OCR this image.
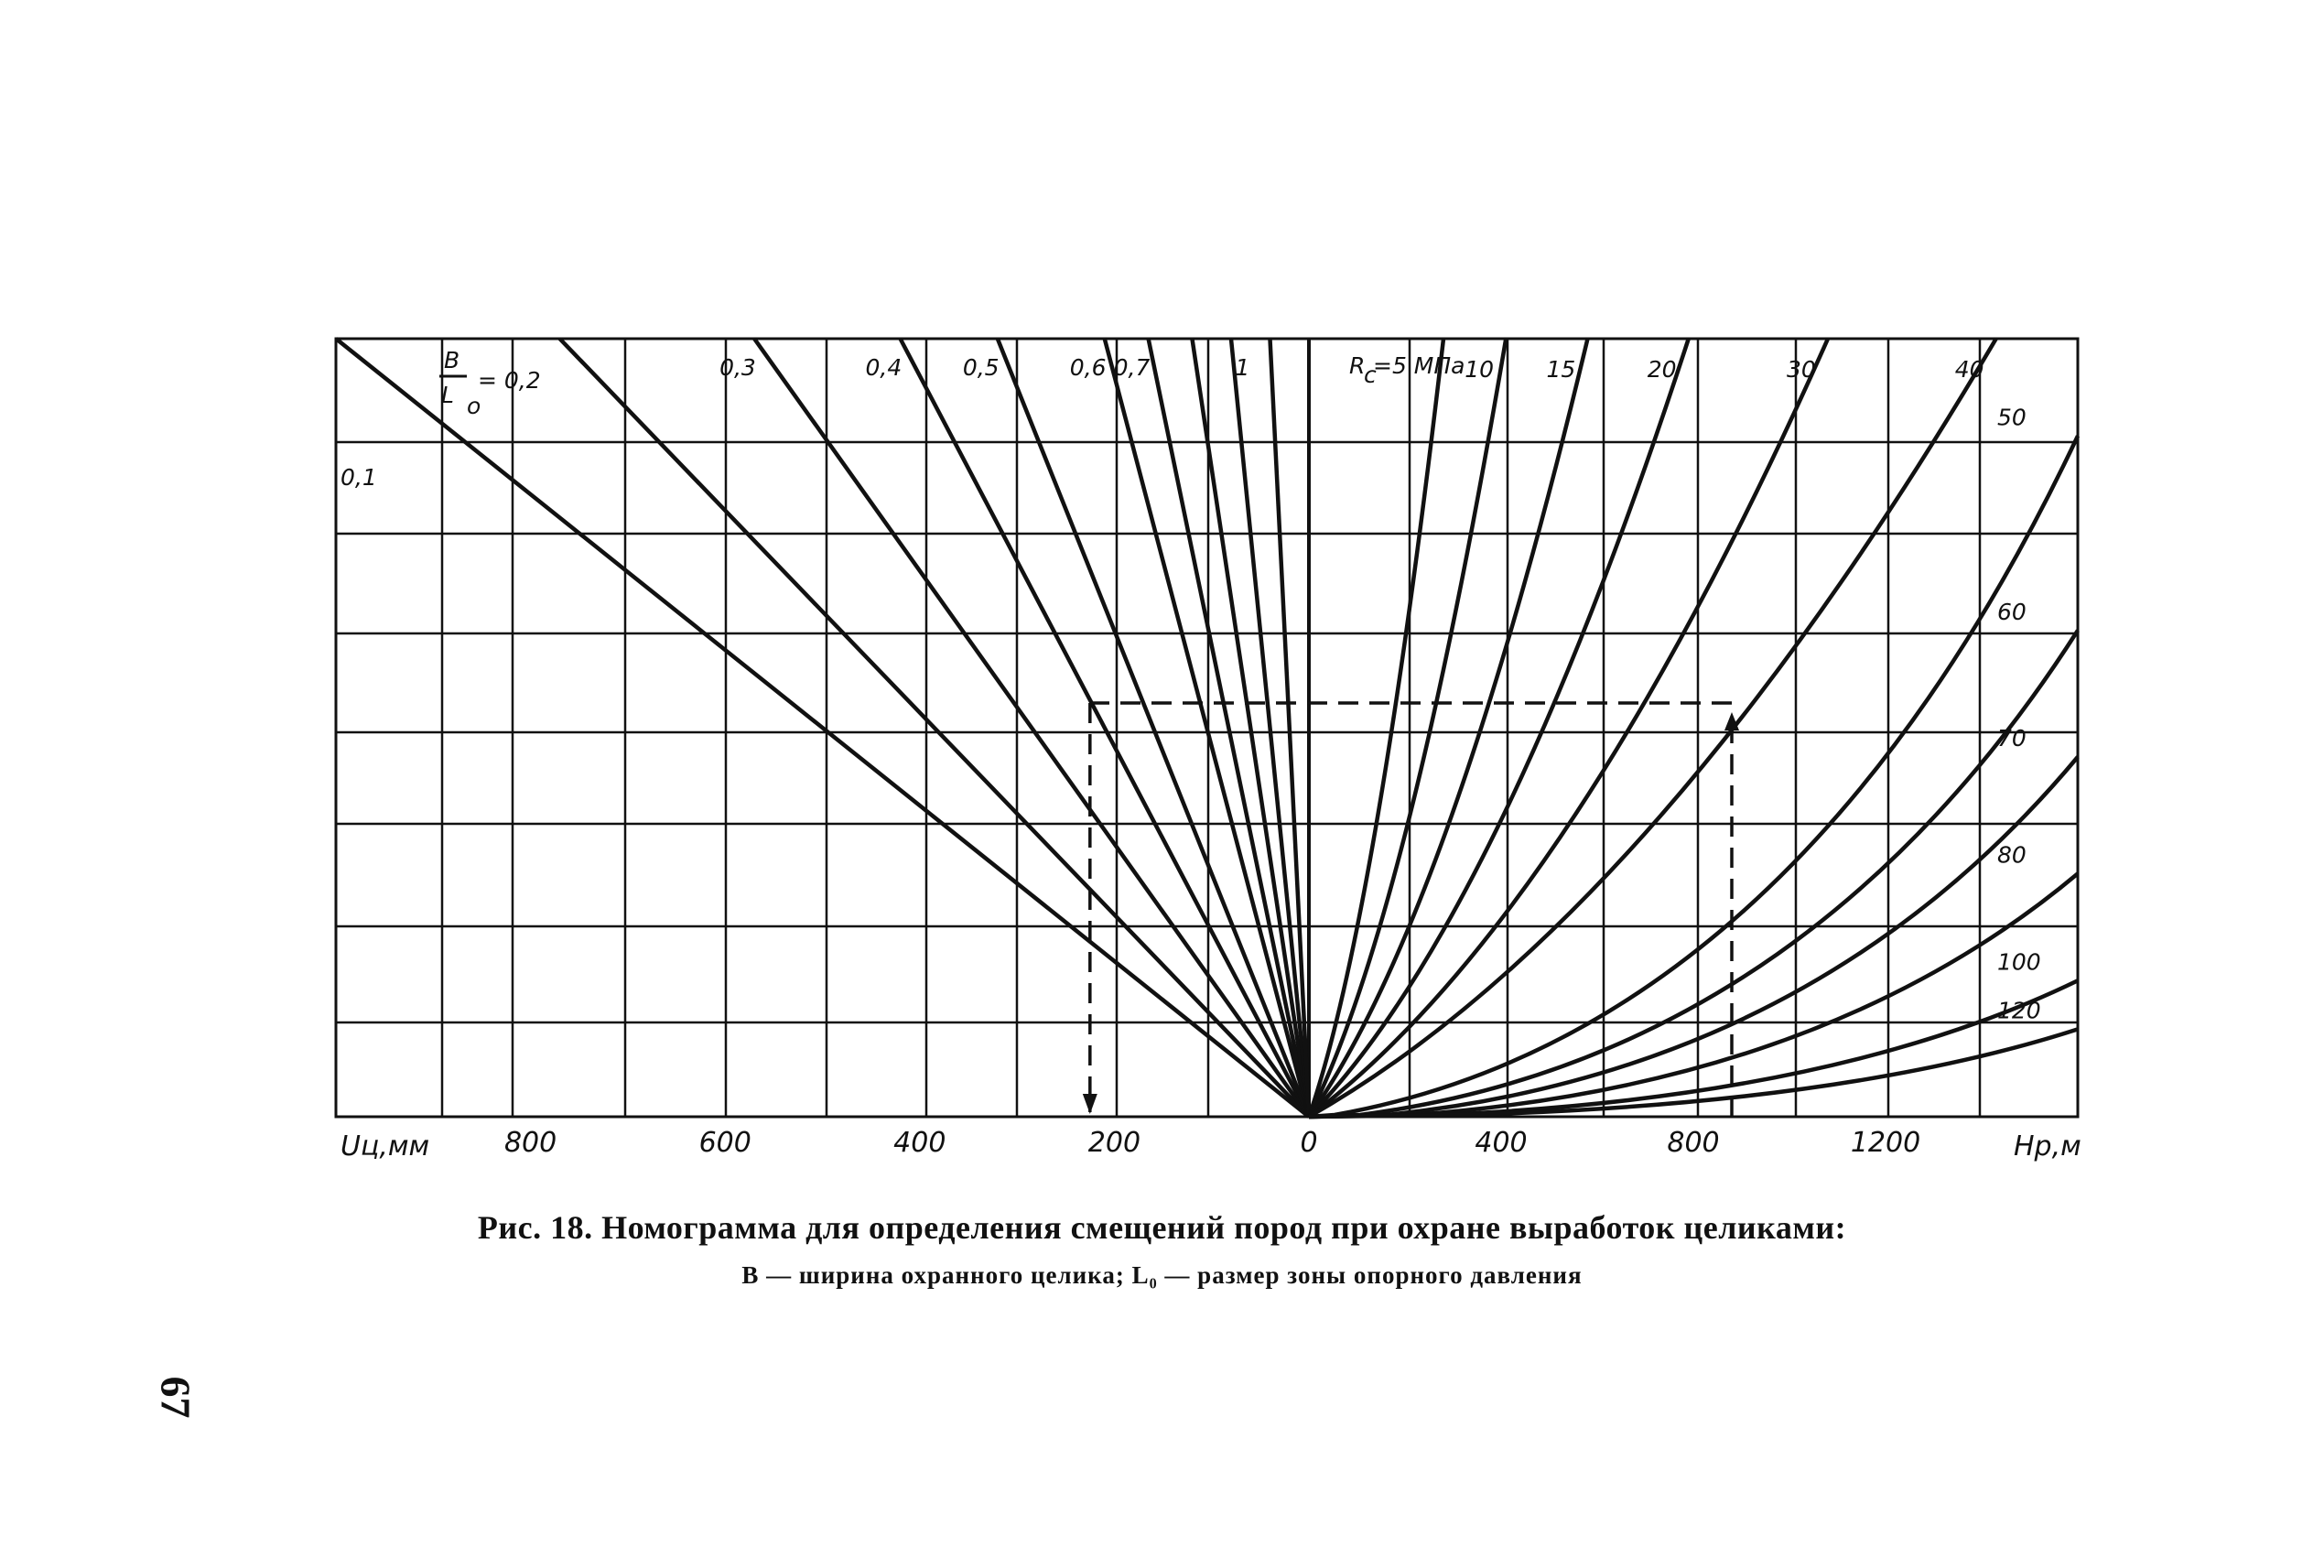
800	600	400	200	0	400	800	1200
Uц,мм	Hр,м
0,1
0,3	0,4	0,5	0,6 0,7	1	10 15	20	30	40
50
60
70
80
100
120
B
L o
= 0,2
R
c
=5 МПа
Рис. 18. Номограмма для определения смещений пород при охране выработок целиками:
B — ширина охранного целика; L₀ — размер зоны опорного давления
67
